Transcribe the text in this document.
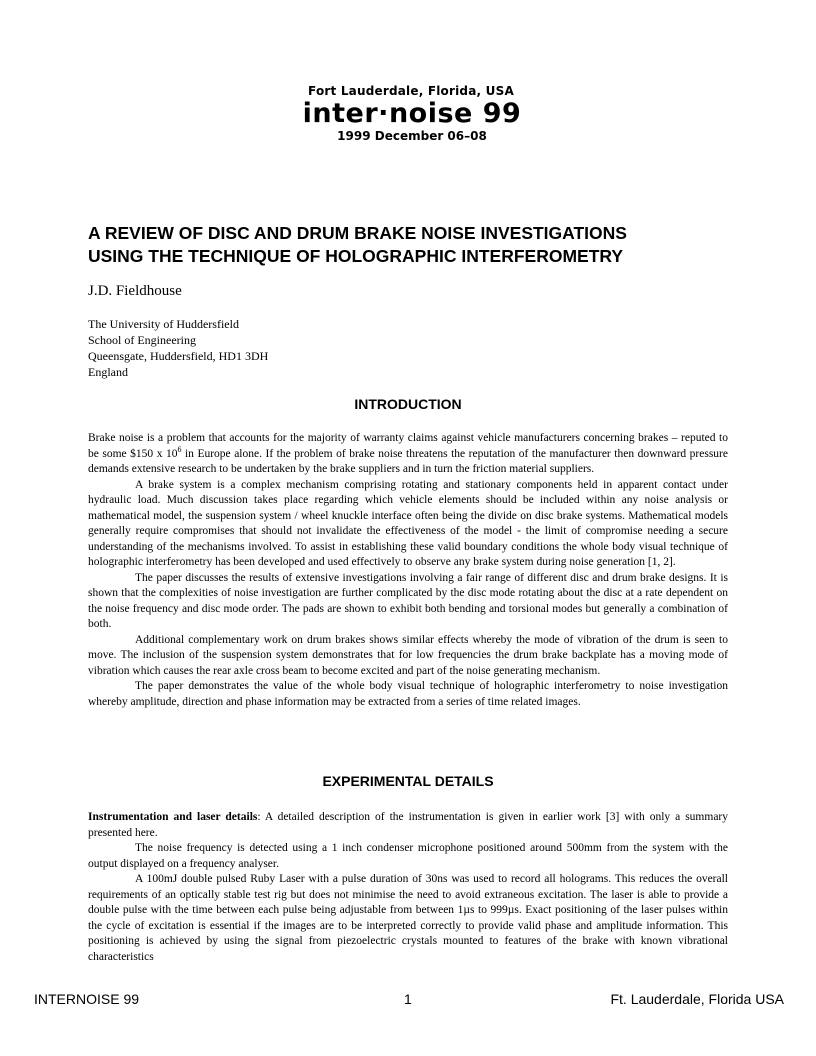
Fort Lauderdale, Florida, USA
inter·noise 99
1999 December 06–08
A REVIEW OF DISC AND DRUM BRAKE NOISE INVESTIGATIONS
USING THE TECHNIQUE OF HOLOGRAPHIC INTERFEROMETRY
J.D. Fieldhouse
The University of Huddersfield
School of Engineering
Queensgate, Huddersfield, HD1 3DH
England
INTRODUCTION

Brake noise is a problem that accounts for the majority of warranty claims against vehicle manufacturers concerning brakes – reputed to be some $150 x $10^6$ in Europe alone. If the problem of brake noise threatens the reputation of the manufacturer then downward pressure demands extensive research to be undertaken by the brake suppliers and in turn the friction material suppliers.

A brake system is a complex mechanism comprising rotating and stationary components held in apparent contact under hydraulic load. Much discussion takes place regarding which vehicle elements should be included within any noise analysis or mathematical model, the suspension system / wheel knuckle interface often being the divide on disc brake systems. Mathematical models generally require compromises that should not invalidate the effectiveness of the model - the limit of compromise needing a secure understanding of the mechanisms involved. To assist in establishing these valid boundary conditions the whole body visual technique of holographic interferometry has been developed and used effectively to observe any brake system during noise generation [1, 2].

The paper discusses the results of extensive investigations involving a fair range of different disc and drum brake designs. It is shown that the complexities of noise investigation are further complicated by the disc mode rotating about the disc at a rate dependent on the noise frequency and disc mode order. The pads are shown to exhibit both bending and torsional modes but generally a combination of both.

Additional complementary work on drum brakes shows similar effects whereby the mode of vibration of the drum is seen to move. The inclusion of the suspension system demonstrates that for low frequencies the drum brake backplate has a moving mode of vibration which causes the rear axle cross beam to become excited and part of the noise generating mechanism.

The paper demonstrates the value of the whole body visual technique of holographic interferometry to noise investigation whereby amplitude, direction and phase information may be extracted from a series of time related images.

EXPERIMENTAL DETAILS

Instrumentation and laser details: A detailed description of the instrumentation is given in earlier work [3] with only a summary presented here.

The noise frequency is detected using a 1 inch condenser microphone positioned around 500mm from the system with the output displayed on a frequency analyser.

A 100mJ double pulsed Ruby Laser with a pulse duration of 30ns was used to record all holograms. This reduces the overall requirements of an optically stable test rig but does not minimise the need to avoid extraneous excitation. The laser is able to provide a double pulse with the time between each pulse being adjustable from between 1µs to 999µs. Exact positioning of the laser pulses within the cycle of excitation is essential if the images are to be interpreted correctly to provide valid phase and amplitude information. This positioning is achieved by using the signal from piezoelectric crystals mounted to features of the brake with known vibrational characteristics

INTERNOISE 99	1	Ft. Lauderdale, Florida USA
